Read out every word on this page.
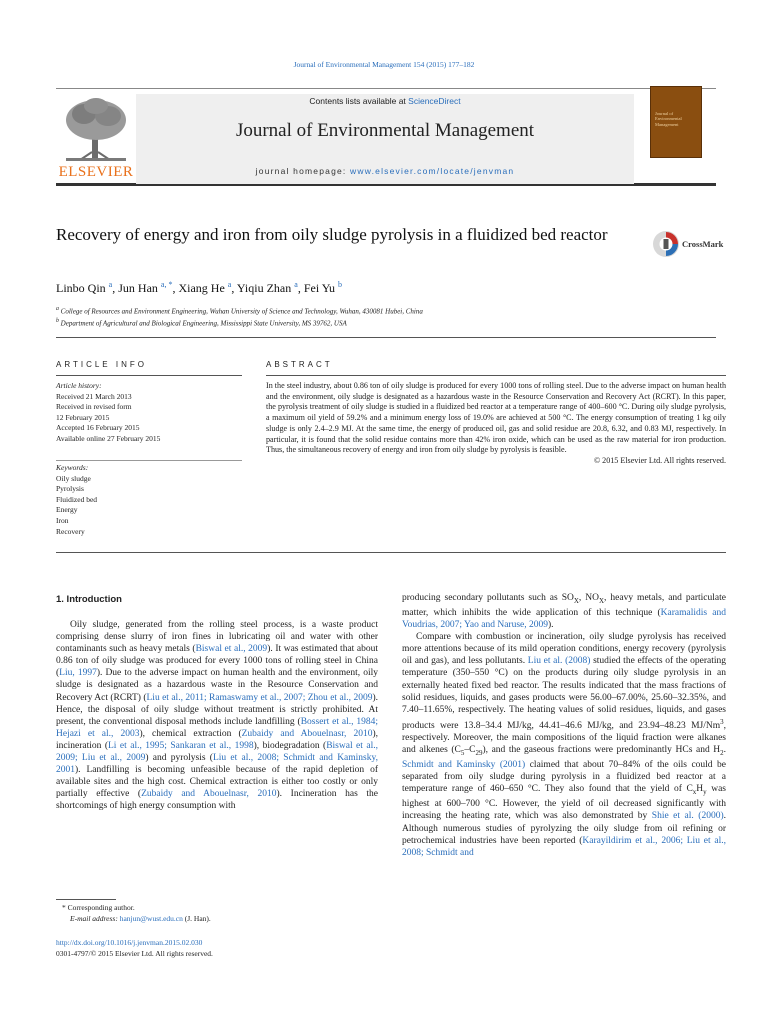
Journal of Environmental Management 154 (2015) 177–182
ELSEVIER
Contents lists available at ScienceDirect
Journal of Environmental Management
journal homepage: www.elsevier.com/locate/jenvman
Journal of
Environmental
Management
Recovery of energy and iron from oily sludge pyrolysis in a fluidized bed reactor	CrossMark
Linbo Qin $^a$, Jun Han $^{a, *}$, Xiang He $^a$, Yiqiu Zhan $^a$, Fei Yu $^b$
$^a$ College of Resources and Environment Engineering, Wuhan University of Science and Technology, Wuhan, 430081 Hubei, China
$^b$ Department of Agricultural and Biological Engineering, Mississippi State University, MS 39762, USA
ARTICLE INFO
Article history:
Received 21 March 2013
Received in revised form
12 February 2015
Accepted 16 February 2015
Available online 27 February 2015
Keywords:
Oily sludge
Pyrolysis
Fluidized bed
Energy
Iron
Recovery
ABSTRACT
In the steel industry, about 0.86 ton of oily sludge is produced for every 1000 tons of rolling steel. Due to the adverse impact on human health and the environment, oily sludge is designated as a hazardous waste in the Resource Conservation and Recovery Act (RCRT). In this paper, the pyrolysis treatment of oily sludge is studied in a fluidized bed reactor at a temperature range of 400–600 °C. During oily sludge pyrolysis, a maximum oil yield of 59.2% and a minimum energy loss of 19.0% are achieved at 500 °C. The energy consumption of treating 1 kg oily sludge is only 2.4–2.9 MJ. At the same time, the energy of produced oil, gas and solid residue are 20.8, 6.32, and 0.83 MJ, respectively. In particular, it is found that the solid residue contains more than 42% iron oxide, which can be used as the raw material for iron production. Thus, the simultaneous recovery of energy and iron from oily sludge by pyrolysis is feasible.
© 2015 Elsevier Ltd. All rights reserved.
1. Introduction

Oily sludge, generated from the rolling steel process, is a waste product comprising dense slurry of iron fines in lubricating oil and water with other contaminants such as heavy metals (Biswal et al., 2009). It was estimated that about 0.86 ton of oily sludge was produced for every 1000 tons of rolling steel in China (Liu, 1997). Due to the adverse impact on human health and the environment, oily sludge is designated as a hazardous waste in the Resource Conservation and Recovery Act (RCRT) (Liu et al., 2011; Ramaswamy et al., 2007; Zhou et al., 2009). Hence, the disposal of oily sludge without treatment is strictly prohibited. At present, the conventional disposal methods include landfilling (Bossert et al., 1984; Hejazi et al., 2003), chemical extraction (Zubaidy and Abouelnasr, 2010), incineration (Li et al., 1995; Sankaran et al., 1998), biodegradation (Biswal et al., 2009; Liu et al., 2009) and pyrolysis (Liu et al., 2008; Schmidt and Kaminsky, 2001). Landfilling is becoming unfeasible because of the rapid depletion of available sites and the high cost. Chemical extraction is either too costly or only partially effective (Zubaidy and Abouelnasr, 2010). Incineration has the shortcomings of high energy consumption with

producing secondary pollutants such as $SO_X$, $NO_X$, heavy metals, and particulate matter, which inhibits the wide application of this technique (Karamalidis and Voudrias, 2007; Yao and Naruse, 2009).

Compare with combustion or incineration, oily sludge pyrolysis has received more attentions because of its mild operation conditions, energy recovery (pyrolysis oil and gas), and less pollutants. Liu et al. (2008) studied the effects of the operating temperature (350–550 °C) on the products during oily sludge pyrolysis in an externally heated fixed bed reactor. The results indicated that the mass fractions of solid residues, liquids, and gases products were 56.00–67.00%, 25.60–32.35%, and 7.40–11.65%, respectively. The heating values of solid residues, liquids, and gases products were 13.8–34.4 MJ/kg, 44.41–46.6 MJ/kg, and 23.94–48.23 MJ/Nm$^3$, respectively. Moreover, the main compositions of the liquid fraction were alkanes and alkenes $(C_5-C_{29})$, and the gaseous fractions were predominantly HCs and $H_2$. Schmidt and Kaminsky (2001) claimed that about 70–84% of the oils could be separated from oily sludge during pyrolysis in a fluidized bed reactor at a temperature range of 460–650 °C. They also found that the yield of $C_xH_y$ was highest at 600–700 °C. However, the yield of oil decreased significantly with increasing the heating rate, which was also demonstrated by Shie et al. (2000). Although numerous studies of pyrolyzing the oily sludge from oil refining or petrochemical industries have been reported (Karayildirim et al., 2006; Liu et al., 2008; Schmidt and

* Corresponding author.
E-mail address: hanjun@wust.edu.cn (J. Han).
http://dx.doi.org/10.1016/j.jenvman.2015.02.030
0301-4797/© 2015 Elsevier Ltd. All rights reserved.
